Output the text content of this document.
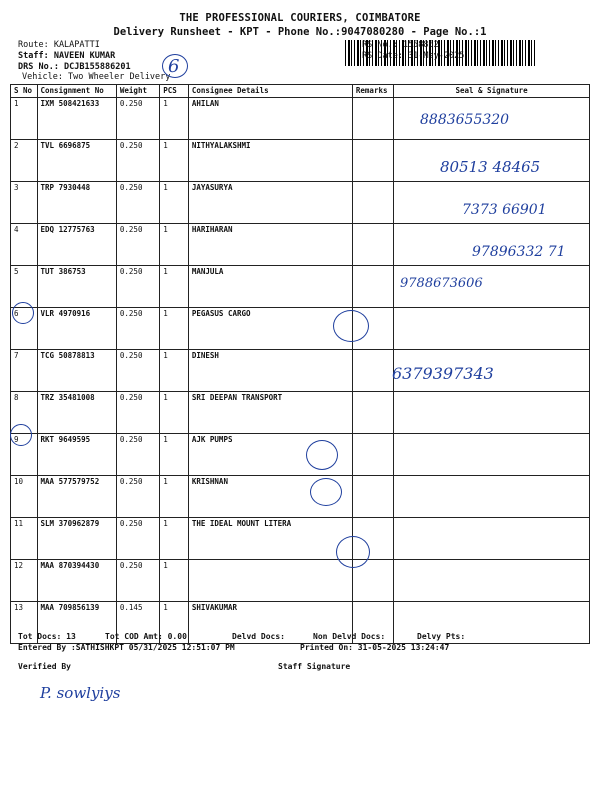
THE PROFESSIONAL COURIERS, COIMBATORE
Delivery Runsheet - KPT - Phone No.:9047080280 - Page No.:1
Route: KALAPATTI
Staff: NAVEEN KUMAR
DRS No.: DCJB155886201
Vehicle: Two Wheeler Delivery
RS No.: 1558862
RS Date: 31-May-2025
6
S No	Consignment No	Weight	PCS	Consignee Details	Remarks	Seal & Signature
1	IXM 508421633	0.250	1	AHILAN		
2	TVL 6696875	0.250	1	NITHYALAKSHMI		
3	TRP 7930448	0.250	1	JAYASURYA		
4	EDQ 12775763	0.250	1	HARIHARAN		
5	TUT 386753	0.250	1	MANJULA		
6	VLR 4970916	0.250	1	PEGASUS CARGO		
7	TCG 50878813	0.250	1	DINESH		
8	TRZ 35481008	0.250	1	SRI DEEPAN TRANSPORT		
9	RKT 9649595	0.250	1	AJK PUMPS		
10	MAA 577579752	0.250	1	KRISHNAN		
11	SLM 370962879	0.250	1	THE IDEAL MOUNT LITERA		
12	MAA 870394430	0.250	1			
13	MAA 709856139	0.145	1	SHIVAKUMAR		
8883655320
80513 48465
7373 66901
97896332 71
9788673606
6379397343
Tot Docs: 13	Tot COD Amt: 0.00	Delvd Docs:	Non Delvd Docs:	Delvy Pts:
Entered By :SATHISHKPT 05/31/2025 12:51:07 PM	Printed On: 31-05-2025 13:24:47
Verified By	Staff Signature
P. sowlyiys
